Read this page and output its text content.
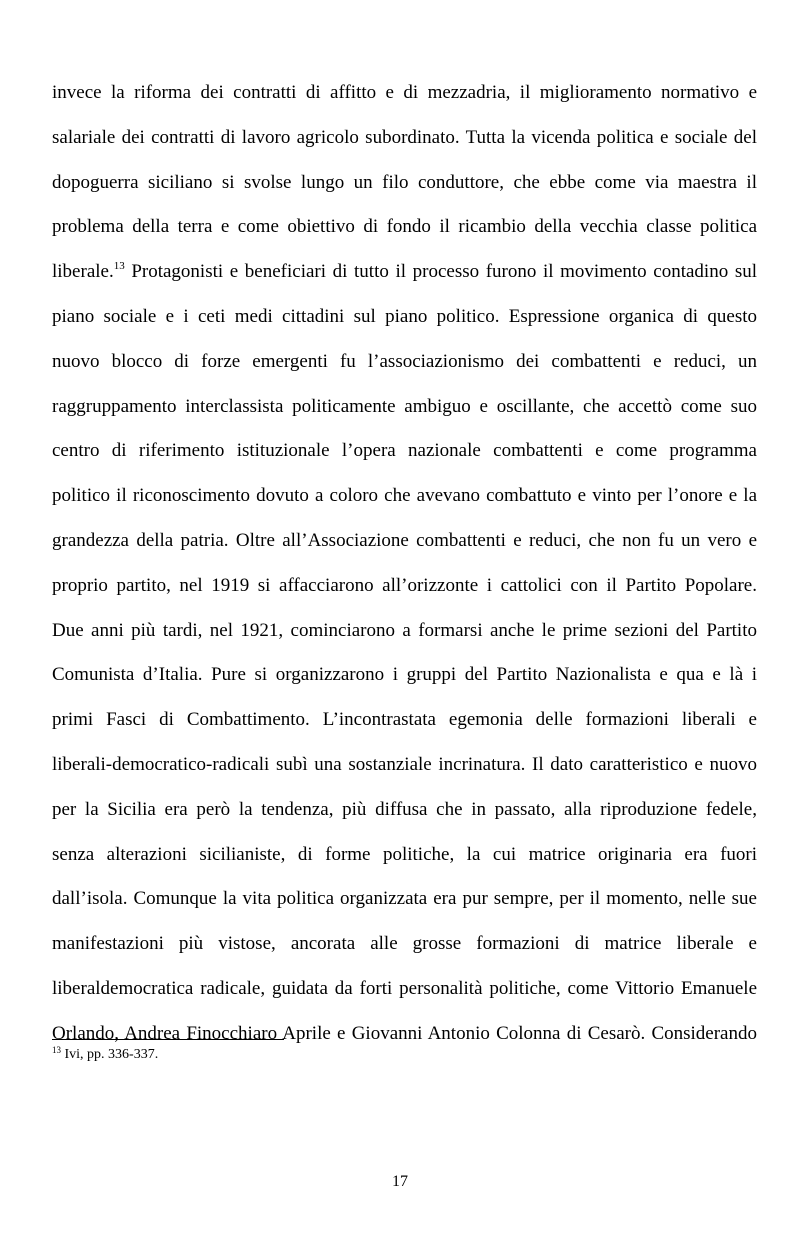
invece la riforma dei contratti di affitto e di mezzadria, il miglioramento normativo e
salariale dei contratti di lavoro agricolo subordinato. Tutta la vicenda politica e sociale del
dopoguerra siciliano si svolse lungo un filo conduttore, che ebbe come via maestra il
problema della terra e come obiettivo di fondo il ricambio della vecchia classe politica
liberale.$^{13}$ Protagonisti e beneficiari di tutto il processo furono il movimento contadino sul
piano sociale e i ceti medi cittadini sul piano politico. Espressione organica di questo
nuovo blocco di forze emergenti fu l’associazionismo dei combattenti e reduci, un
raggruppamento interclassista politicamente ambiguo e oscillante, che accettò come suo
centro di riferimento istituzionale l’opera nazionale combattenti e come programma
politico il riconoscimento dovuto a coloro che avevano combattuto e vinto per l’onore e la
grandezza della patria. Oltre all’Associazione combattenti e reduci, che non fu un vero e
proprio partito, nel 1919 si affacciarono all’orizzonte i cattolici con il Partito Popolare.
Due anni più tardi, nel 1921, cominciarono a formarsi anche le prime sezioni del Partito
Comunista d’Italia. Pure si organizzarono i gruppi del Partito Nazionalista e qua e là i
primi Fasci di Combattimento. L’incontrastata egemonia delle formazioni liberali e
liberali-democratico-radicali subì una sostanziale incrinatura. Il dato caratteristico e nuovo
per la Sicilia era però la tendenza, più diffusa che in passato, alla riproduzione fedele,
senza alterazioni sicilianiste, di forme politiche, la cui matrice originaria era fuori
dall’isola. Comunque la vita politica organizzata era pur sempre, per il momento, nelle sue
manifestazioni più vistose, ancorata alle grosse formazioni di matrice liberale e
liberaldemocratica radicale, guidata da forti personalità politiche, come Vittorio Emanuele
Orlando, Andrea Finocchiaro Aprile e Giovanni Antonio Colonna di Cesarò. Considerando
$^{13}$ Ivi, pp. 336-337.
17
